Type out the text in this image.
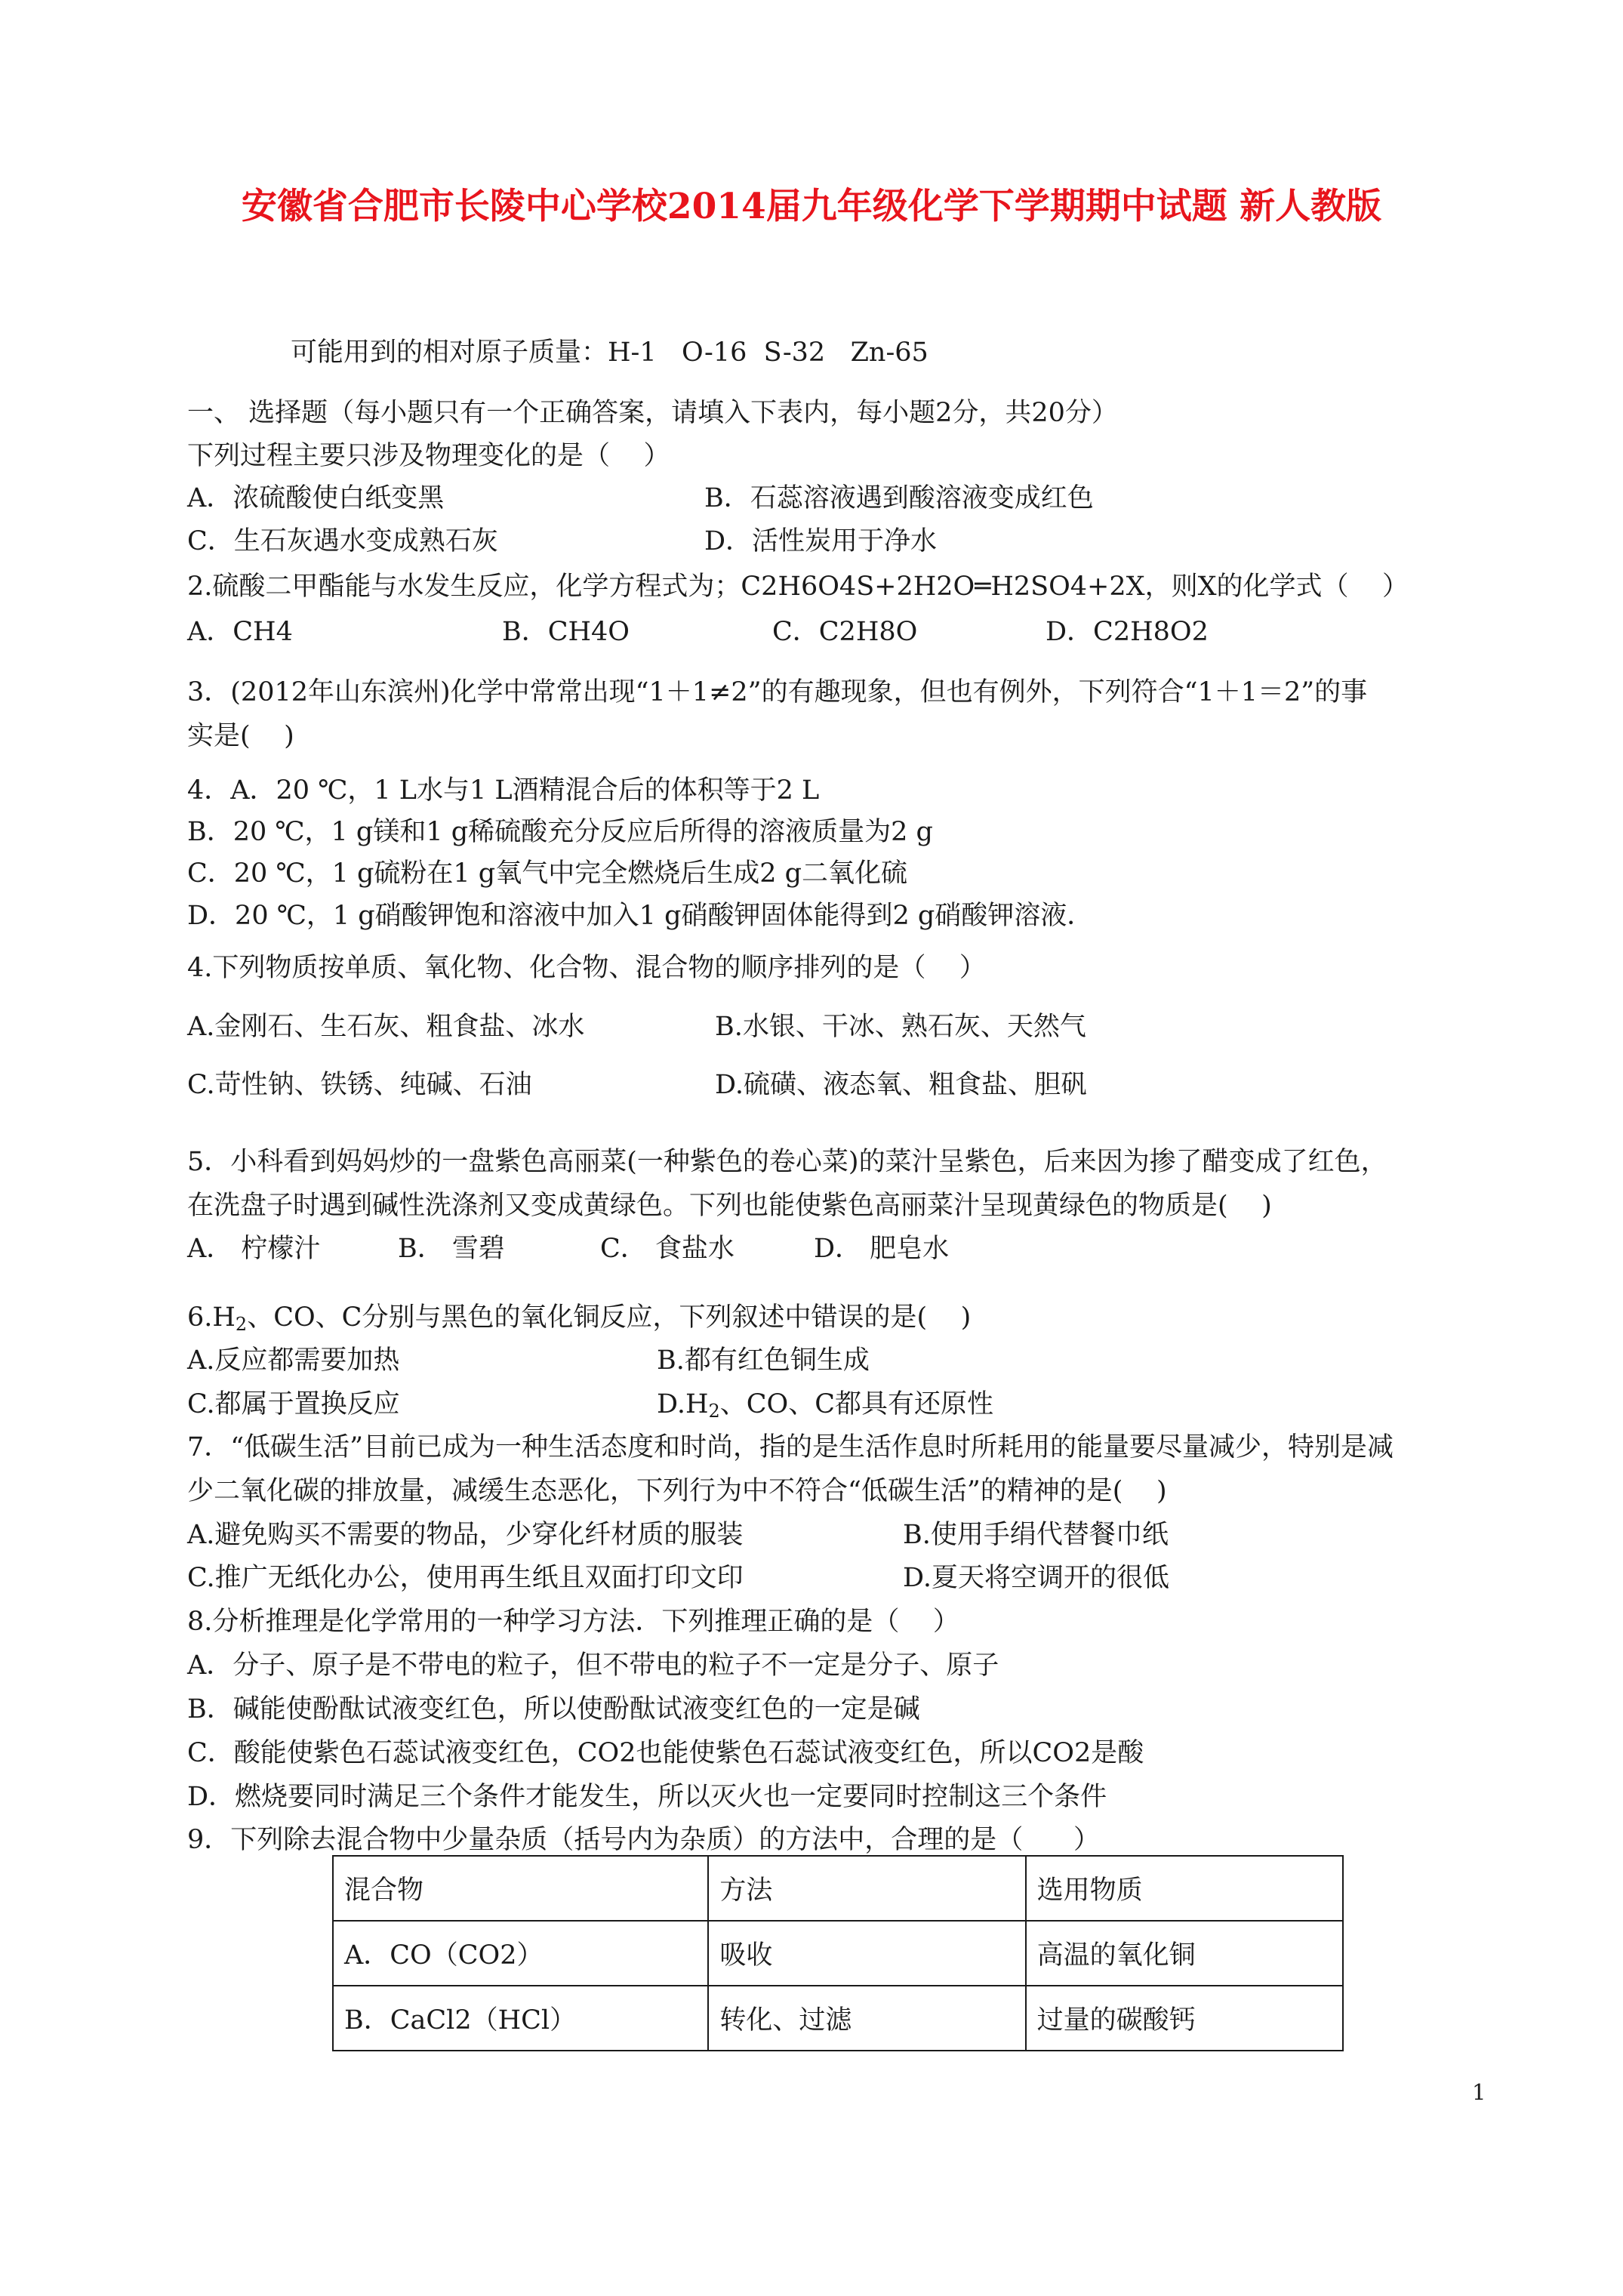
安徽省合肥市长陵中心学校2014届九年级化学下学期期中试题 新人教版
可能用到的相对原子质量：H-1   O-16  S-32   Zn-65
一、 选择题（每小题只有一个正确答案，请填入下表内，每小题2分，共20分）
下列过程主要只涉及物理变化的是（    ）
A．浓硫酸使白纸变黑	B．石蕊溶液遇到酸溶液变成红色
C．生石灰遇水变成熟石灰	D．活性炭用于净水
2.硫酸二甲酯能与水发生反应，化学方程式为；C2H6O4S+2H2O═H2SO4+2X，则X的化学式（    ）
A．CH4	B．CH4O	C．C2H8O	D．C2H8O2
3．(2012年山东滨州)化学中常常出现“1＋1≠2”的有趣现象，但也有例外，下列符合“1＋1＝2”的事
实是(    )
4．A．20 ℃，1 L水与1 L酒精混合后的体积等于2 L
B．20 ℃，1 g镁和1 g稀硫酸充分反应后所得的溶液质量为2 g
C．20 ℃，1 g硫粉在1 g氧气中完全燃烧后生成2 g二氧化硫
D．20 ℃，1 g硝酸钾饱和溶液中加入1 g硝酸钾固体能得到2 g硝酸钾溶液．
4.下列物质按单质、氧化物、化合物、混合物的顺序排列的是（    ）
A.金刚石、生石灰、粗食盐、冰水	B.水银、干冰、熟石灰、天然气
C.苛性钠、铁锈、纯碱、石油	D.硫磺、液态氧、粗食盐、胆矾
5．小科看到妈妈炒的一盘紫色高丽菜(一种紫色的卷心菜)的菜汁呈紫色，后来因为掺了醋变成了红色，
在洗盘子时遇到碱性洗涤剂又变成黄绿色。下列也能使紫色高丽菜汁呈现黄绿色的物质是(    )
A． 柠檬汁	B． 雪碧	C． 食盐水	D． 肥皂水
$6.H_2$、CO、C分别与黑色的氧化铜反应，下列叙述中错误的是(    )
A.反应都需要加热	B.都有红色铜生成
C.都属于置换反应	$D.H_2$、CO、C都具有还原性
7．“低碳生活”目前已成为一种生活态度和时尚，指的是生活作息时所耗用的能量要尽量减少，特别是减
少二氧化碳的排放量，减缓生态恶化，下列行为中不符合“低碳生活”的精神的是(    )
A.避免购买不需要的物品，少穿化纤材质的服装	B.使用手绢代替餐巾纸
C.推广无纸化办公，使用再生纸且双面打印文印	D.夏天将空调开的很低
8.分析推理是化学常用的一种学习方法．下列推理正确的是（    ）
A．分子、原子是不带电的粒子，但不带电的粒子不一定是分子、原子
B．碱能使酚酞试液变红色，所以使酚酞试液变红色的一定是碱
C．酸能使紫色石蕊试液变红色，CO2也能使紫色石蕊试液变红色，所以CO2是酸
D．燃烧要同时满足三个条件才能发生，所以灭火也一定要同时控制这三个条件
9．下列除去混合物中少量杂质（括号内为杂质）的方法中，合理的是（      ）
混合物	方法	选用物质
A．CO（CO2）	吸收	高温的氧化铜
B．CaCl2（HCl）	转化、过滤	过量的碳酸钙
1
